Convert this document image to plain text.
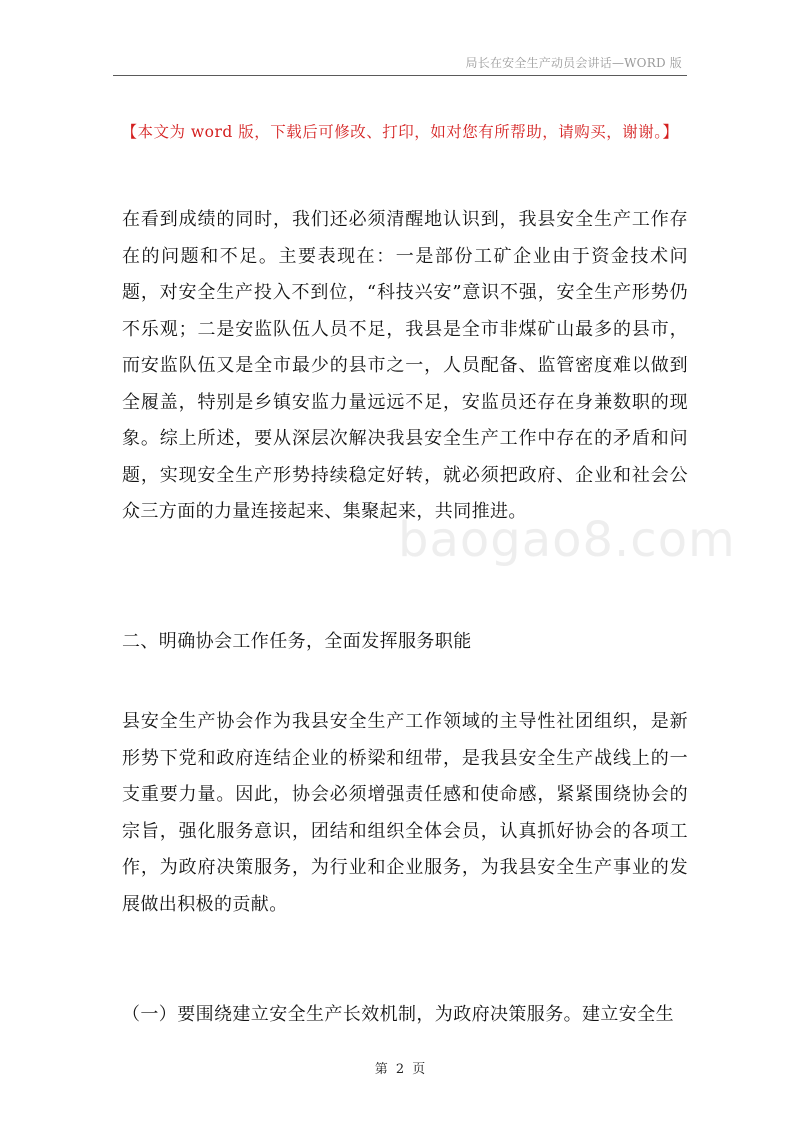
局长在安全生产动员会讲话—WORD 版
【本文为 word 版，下载后可修改、打印，如对您有所帮助，请购买，谢谢。】

在看到成绩的同时，我们还必须清醒地认识到，我县安全生产工作存在的问题和不足。主要表现在：一是部份工矿企业由于资金技术问题，对安全生产投入不到位，“科技兴安”意识不强，安全生产形势仍不乐观；二是安监队伍人员不足，我县是全市非煤矿山最多的县市，而安监队伍又是全市最少的县市之一，人员配备、监管密度难以做到全履盖，特别是乡镇安监力量远远不足，安监员还存在身兼数职的现象。综上所述，要从深层次解决我县安全生产工作中存在的矛盾和问题，实现安全生产形势持续稳定好转，就必须把政府、企业和社会公众三方面的力量连接起来、集聚起来，共同推进。

baogao8.com

二、明确协会工作任务，全面发挥服务职能

县安全生产协会作为我县安全生产工作领域的主导性社团组织，是新形势下党和政府连结企业的桥梁和纽带，是我县安全生产战线上的一支重要力量。因此，协会必须增强责任感和使命感，紧紧围绕协会的宗旨，强化服务意识，团结和组织全体会员，认真抓好协会的各项工作，为政府决策服务，为行业和企业服务，为我县安全生产事业的发展做出积极的贡献。

（一）要围绕建立安全生产长效机制，为政府决策服务。建立安全生

第 2 页
